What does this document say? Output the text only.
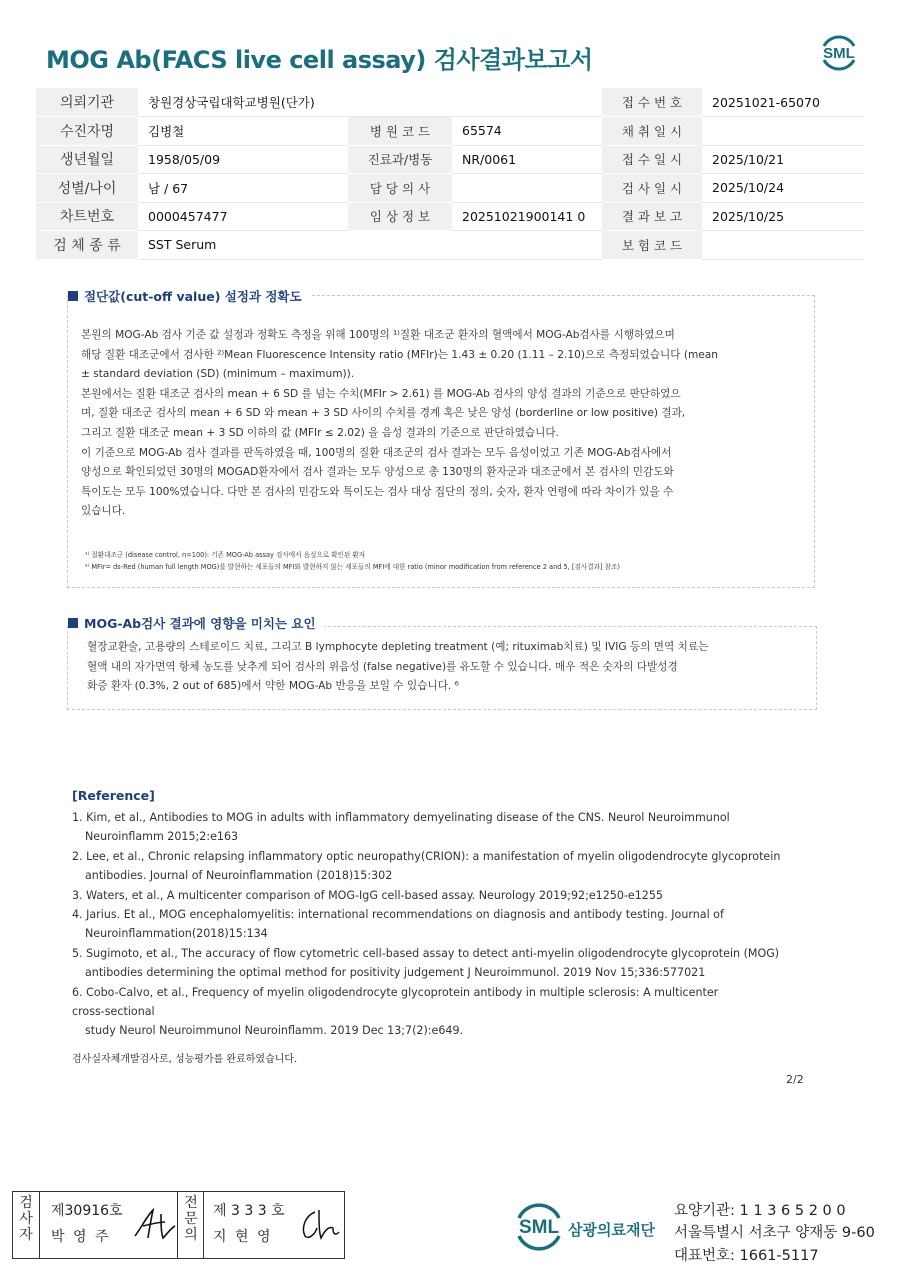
MOG Ab(FACS live cell assay) 검사결과보고서	SML
의뢰기관	창원경상국립대학교병원(단가)			접 수 번 호	20251021-65070
수진자명	김병철	병 원 코 드	65574	채 취 일 시	
생년월일	1958/05/09	진료과/병동	NR/0061	접 수 일 시	2025/10/21
성별/나이	남 / 67	담 당 의 사		검 사 일 시	2025/10/24
차트번호	0000457477	임 상 정 보	20251021900141 0	결 과 보 고	2025/10/25
검 체 종 류	SST Serum			보 험 코 드	
절단값(cut-off value) 설정과 정확도
본원의 MOG-Ab 검사 기준 값 설정과 정확도 측정을 위해 100명의 ¹⁾질환 대조군 환자의 혈액에서 MOG-Ab검사를 시행하였으며
해당 질환 대조군에서 검사한 ²⁾Mean Fluorescence Intensity ratio (MFIr)는 1.43 ± 0.20 (1.11 – 2.10)으로 측정되었습니다 (mean
± standard deviation (SD) (minimum – maximum)).
본원에서는 질환 대조군 검사의 mean + 6 SD 를 넘는 수치(MFIr > 2.61) 를 MOG-Ab 검사의 양성 결과의 기준으로 판단하였으
며, 질환 대조군 검사의 mean + 6 SD 와 mean + 3 SD 사이의 수치를 경계 혹은 낮은 양성 (borderline or low positive) 결과,
그리고 질환 대조군 mean + 3 SD 이하의 값 (MFIr ≤ 2.02) 을 음성 결과의 기준으로 판단하였습니다.
이 기준으로 MOG-Ab 검사 결과를 판독하였을 때, 100명의 질환 대조군의 검사 결과는 모두 음성이었고 기존 MOG-Ab검사에서
양성으로 확인되었던 30명의 MOGAD환자에서 검사 결과는 모두 양성으로 총 130명의 환자군과 대조군에서 본 검사의 민감도와
특이도는 모두 100%였습니다. 다만 본 검사의 민감도와 특이도는 검사 대상 집단의 정의, 숫자, 환자 연령에 따라 차이가 있을 수
있습니다.
¹⁾ 질환대조군 (disease control, n=100): 기존 MOG-Ab assay 검사에서 음성으로 확인된 환자
²⁾ MFIr= ds-Red (human full length MOG)를 발현하는 세포들의 MFI와 발현하지 않는 세포들의 MFI에 대한 ratio (minor modification from reference 2 and 5, [검사결과] 참조)
MOG-Ab검사 결과에 영향을 미치는 요인
혈장교환술, 고용량의 스테로이드 치료, 그리고 B lymphocyte depleting treatment (예; rituximab치료) 및 IVIG 등의 면역 치료는
혈액 내의 자가면역 항체 농도를 낮추게 되어 검사의 위음성 (false negative)를 유도할 수 있습니다. 매우 적은 숫자의 다발성경
화증 환자 (0.3%, 2 out of 685)에서 약한 MOG-Ab 반응을 보일 수 있습니다. ⁶
[Reference]
1. Kim, et al., Antibodies to MOG in adults with inflammatory demyelinating disease of the CNS. Neurol Neuroimmunol
Neuroinflamm 2015;2:e163
2. Lee, et al., Chronic relapsing inflammatory optic neuropathy(CRION): a manifestation of myelin oligodendrocyte glycoprotein
antibodies. Journal of Neuroinflammation (2018)15:302
3. Waters, et al., A multicenter comparison of MOG-IgG cell-based assay. Neurology 2019;92;e1250-e1255
4. Jarius. Et al., MOG encephalomyelitis: international recommendations on diagnosis and antibody testing. Journal of
Neuroinflammation(2018)15:134
5. Sugimoto, et al., The accuracy of flow cytometric cell-based assay to detect anti-myelin oligodendrocyte glycoprotein (MOG)
antibodies determining the optimal method for positivity judgement J Neuroimmunol. 2019 Nov 15;336:577021
6. Cobo-Calvo, et al., Frequency of myelin oligodendrocyte glycoprotein antibody in multiple sclerosis: A multicenter
cross-sectional
study Neurol Neuroimmunol Neuroinflamm. 2019 Dec 13;7(2):e649.
검사실자체개발검사로, 성능평가를 완료하였습니다.
2/2
검사자
제30916호
박 영 주
전문의
제 3 3 3 호
지 현 영	SML 삼광의료재단
요양기관: 1 1 3 6 5 2 0 0
서울특별시 서초구 양재동 9-60
대표번호: 1661-5117
